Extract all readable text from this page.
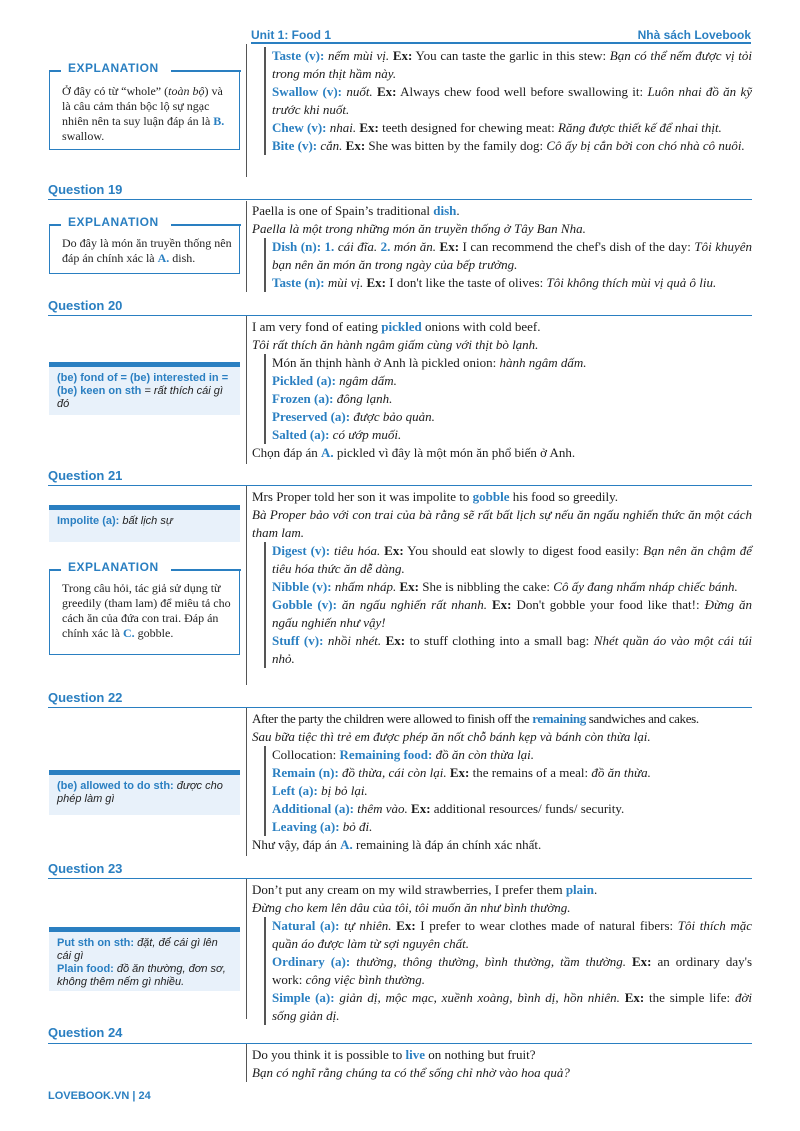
Unit 1: Food 1	Nhà sách Lovebook
EXPLANATION
Ở đây có từ “whole” (toàn bộ) và là câu cảm thán bộc lộ sự ngạc nhiên nên ta suy luận đáp án là B. swallow.

Taste (v): nếm mùi vị. Ex: You can taste the garlic in this stew: Bạn có thể nếm được vị tỏi trong món thịt hầm này.

Swallow (v): nuốt. Ex: Always chew food well before swallowing it: Luôn nhai đồ ăn kỹ trước khi nuốt.

Chew (v): nhai. Ex: teeth designed for chewing meat: Răng được thiết kế để nhai thịt.

Bite (v): cắn. Ex: She was bitten by the family dog: Cô ấy bị cắn bởi con chó nhà cô nuôi.

Question 19
EXPLANATION
Do đây là món ăn truyền thống nên đáp án chính xác là A. dish.

Paella is one of Spain’s traditional dish.

Paella là một trong những món ăn truyền thống ở Tây Ban Nha.

Dish (n): 1. cái đĩa. 2. món ăn. Ex: I can recommend the chef's dish of the day: Tôi khuyên bạn nên ăn món ăn trong ngày của bếp trưởng.

Taste (n): mùi vị. Ex: I don't like the taste of olives: Tôi không thích mùi vị quả ô liu.

Question 20
(be) fond of = (be) interested in = (be) keen on sth = rất thích cái gì đó

I am very fond of eating pickled onions with cold beef.

Tôi rất thích ăn hành ngâm giấm cùng với thịt bò lạnh.

Món ăn thịnh hành ở Anh là pickled onion: hành ngâm dấm.

Pickled (a): ngâm dấm.

Frozen (a): đông lạnh.

Preserved (a): được bảo quản.

Salted (a): có ướp muối.

Chọn đáp án A. pickled vì đây là một món ăn phổ biến ở Anh.

Question 21
Impolite (a): bất lịch sự
EXPLANATION
Trong câu hỏi, tác giả sử dụng từ greedily (tham lam) để miêu tả cho cách ăn của đứa con trai. Đáp án chính xác là C. gobble.

Mrs Proper told her son it was impolite to gobble his food so greedily.

Bà Proper bảo với con trai của bà rằng sẽ rất bất lịch sự nếu ăn ngấu nghiến thức ăn một cách tham lam.

Digest (v): tiêu hóa. Ex: You should eat slowly to digest food easily: Bạn nên ăn chậm để tiêu hóa thức ăn dễ dàng.

Nibble (v): nhấm nháp. Ex: She is nibbling the cake: Cô ấy đang nhấm nháp chiếc bánh.

Gobble (v): ăn ngấu nghiến rất nhanh. Ex: Don't gobble your food like that!: Đừng ăn ngấu nghiến như vậy!

Stuff (v): nhồi nhét. Ex: to stuff clothing into a small bag: Nhét quần áo vào một cái túi nhỏ.

Question 22
(be) allowed to do sth: được cho phép làm gì

After the party the children were allowed to finish off the remaining sandwiches and cakes.

Sau bữa tiệc thì trẻ em được phép ăn nốt chỗ bánh kẹp và bánh còn thừa lại.

Collocation: Remaining food: đồ ăn còn thừa lại.

Remain (n): đồ thừa, cái còn lại. Ex: the remains of a meal: đồ ăn thừa.

Left (a): bị bỏ lại.

Additional (a): thêm vào. Ex: additional resources/ funds/ security.

Leaving (a): bỏ đi.

Như vậy, đáp án A. remaining là đáp án chính xác nhất.

Question 23
Put sth on sth: đặt, để cái gì lên cái gì
Plain food: đồ ăn thường, đơn sơ, không thêm nếm gì nhiều.

Don’t put any cream on my wild strawberries, I prefer them plain.

Đừng cho kem lên dâu của tôi, tôi muốn ăn như bình thường.

Natural (a): tự nhiên. Ex: I prefer to wear clothes made of natural fibers: Tôi thích mặc quần áo được làm từ sợi nguyên chất.

Ordinary (a): thường, thông thường, bình thường, tầm thường. Ex: an ordinary day's work: công việc bình thường.

Simple (a): giản dị, mộc mạc, xuềnh xoàng, bình dị, hồn nhiên. Ex: the simple life: đời sống giản dị.

Question 24

Do you think it is possible to live on nothing but fruit?

Bạn có nghĩ rằng chúng ta có thể sống chỉ nhờ vào hoa quả?

LOVEBOOK.VN | 24
